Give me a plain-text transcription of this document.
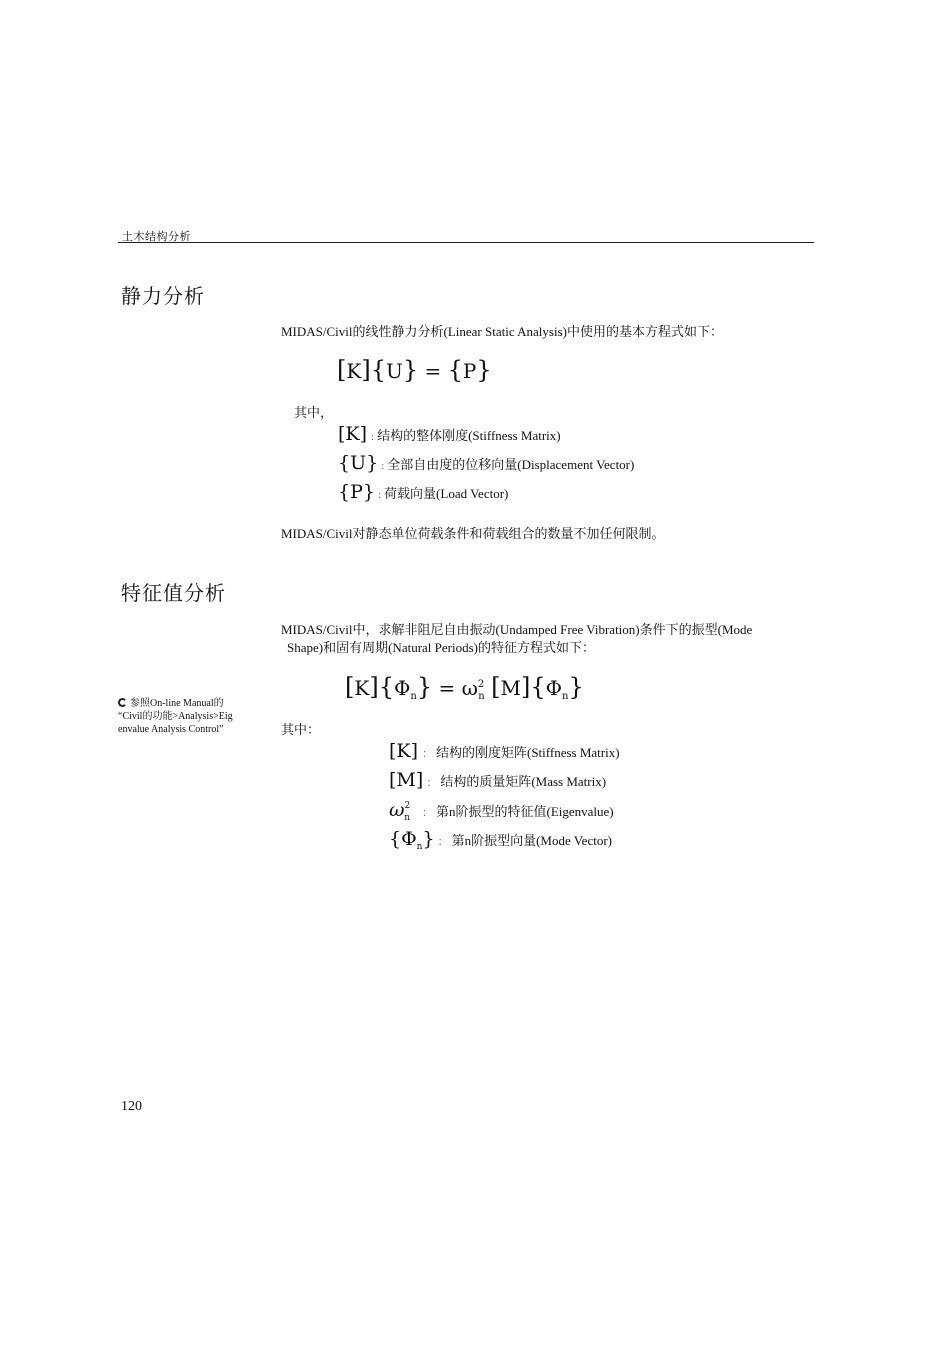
土木结构分析
静力分析
MIDAS/Civil的线性静力分析(Linear Static Analysis)中使用的基本方程式如下：
[K]{U} = {P}
其中，
[K] : 结构的整体刚度(Stiffness Matrix)
{U} : 全部自由度的位移向量(Displacement Vector)
{P} : 荷载向量(Load Vector)
MIDAS/Civil对静态单位荷载条件和荷载组合的数量不加任何限制。
特征值分析
MIDAS/Civil中，求解非阻尼自由振动(Undamped Free Vibration)条件下的振型(Mode
Shape)和固有周期(Natural Periods)的特征方程式如下：
$[K]\{\Phi_n\} = \omega^2_n$ $[M]\{\Phi_n\}$
参照On-line Manual的
“Civil的功能>Analysis>Eig
envalue Analysis Control”	其中：
[K] ： 结构的刚度矩阵(Stiffness Matrix)
[M] ： 结构的质量矩阵(Mass Matrix)
$\omega^2_n$ ： 第n阶振型的特征值(Eigenvalue)
$\{\Phi_n\}$ ： 第n阶振型向量(Mode Vector)
120
